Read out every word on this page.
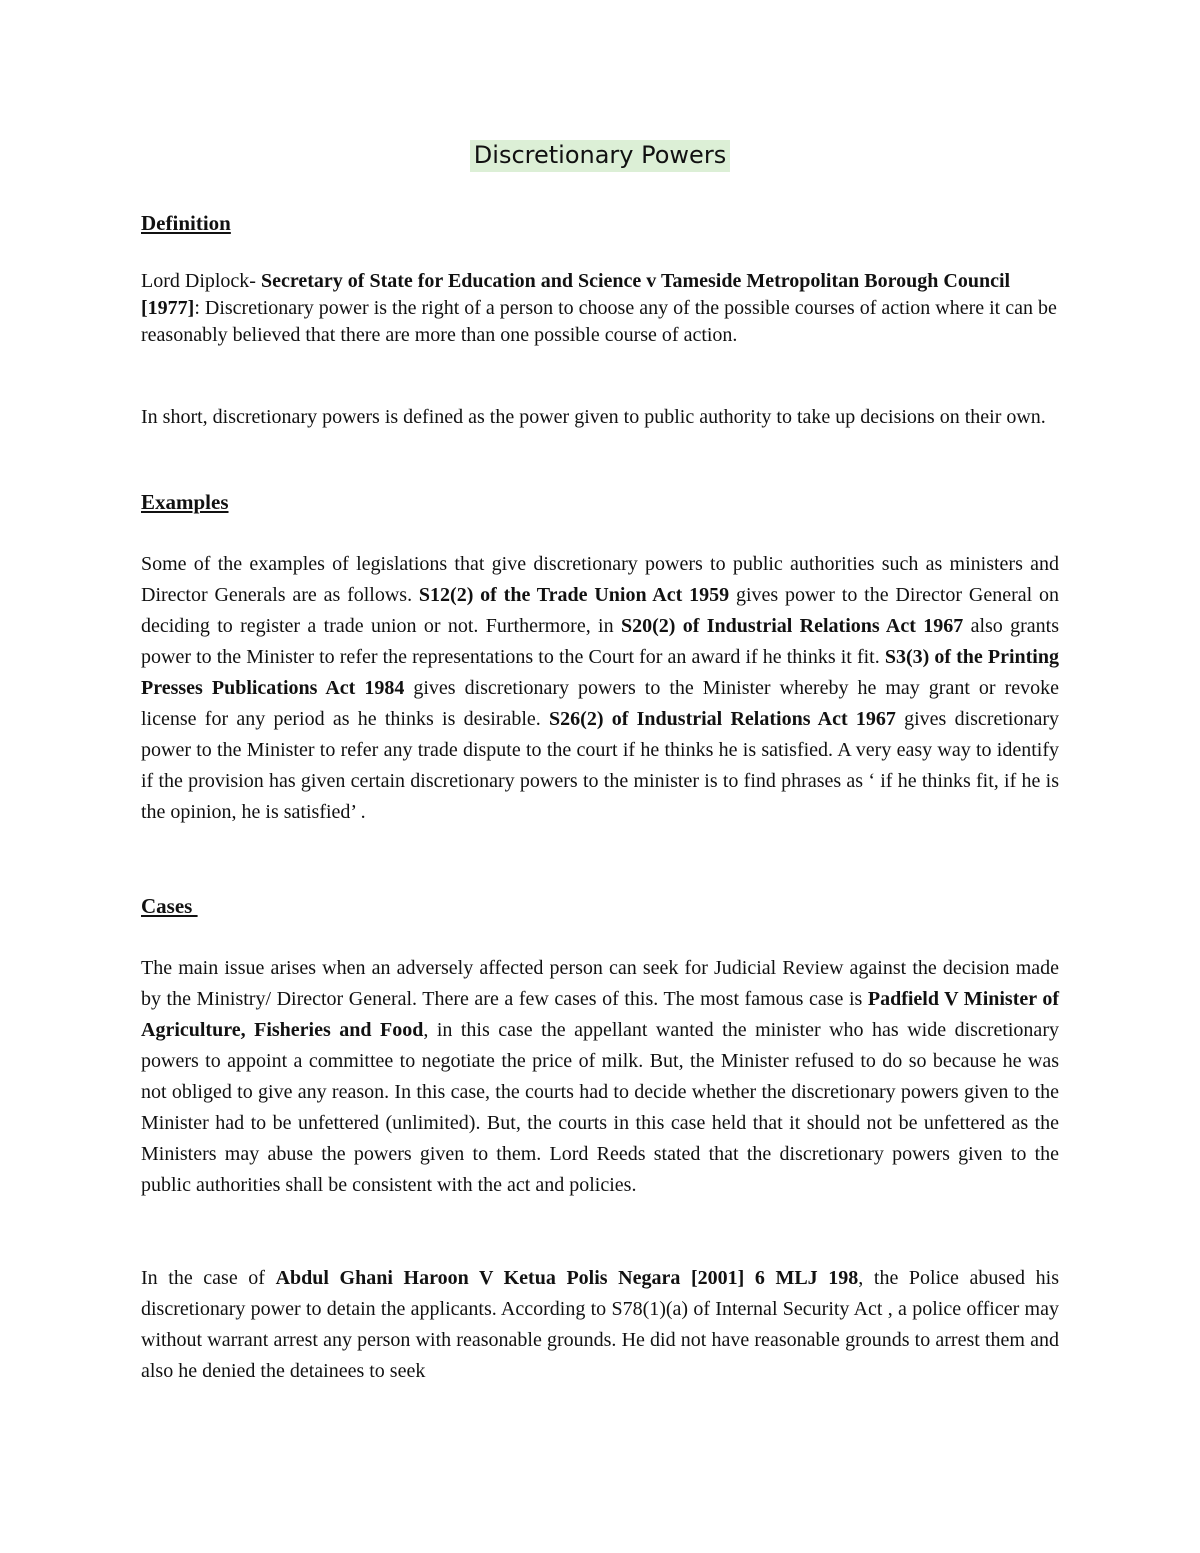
Discretionary Powers
Definition

Lord Diplock- Secretary of State for Education and Science v Tameside Metropolitan Borough Council [1977]: Discretionary power is the right of a person to choose any of the possible courses of action where it can be reasonably believed that there are more than one possible course of action.

In short, discretionary powers is defined as the power given to public authority to take up decisions on their own.

Examples

Some of the examples of legislations that give discretionary powers to public authorities such as ministers and Director Generals are as follows. S12(2) of the Trade Union Act 1959 gives power to the Director General on deciding to register a trade union or not. Furthermore, in S20(2) of Industrial Relations Act 1967 also grants power to the Minister to refer the representations to the Court for an award if he thinks it fit. S3(3) of the Printing Presses Publications Act 1984 gives discretionary powers to the Minister whereby he may grant or revoke license for any period as he thinks is desirable. S26(2) of Industrial Relations Act 1967 gives discretionary power to the Minister to refer any trade dispute to the court if he thinks he is satisfied. A very easy way to identify if the provision has given certain discretionary powers to the minister is to find phrases as ‘ if he thinks fit, if he is the opinion, he is satisfied’ .

Cases

The main issue arises when an adversely affected person can seek for Judicial Review against the decision made by the Ministry/ Director General. There are a few cases of this. The most famous case is Padfield V Minister of Agriculture, Fisheries and Food, in this case the appellant wanted the minister who has wide discretionary powers to appoint a committee to negotiate the price of milk. But, the Minister refused to do so because he was not obliged to give any reason. In this case, the courts had to decide whether the discretionary powers given to the Minister had to be unfettered (unlimited). But, the courts in this case held that it should not be unfettered as the Ministers may abuse the powers given to them. Lord Reeds stated that the discretionary powers given to the public authorities shall be consistent with the act and policies.

In the case of Abdul Ghani Haroon V Ketua Polis Negara [2001] 6 MLJ 198, the Police abused his discretionary power to detain the applicants. According to S78(1)(a) of Internal Security Act , a police officer may without warrant arrest any person with reasonable grounds. He did not have reasonable grounds to arrest them and also he denied the detainees to seek
